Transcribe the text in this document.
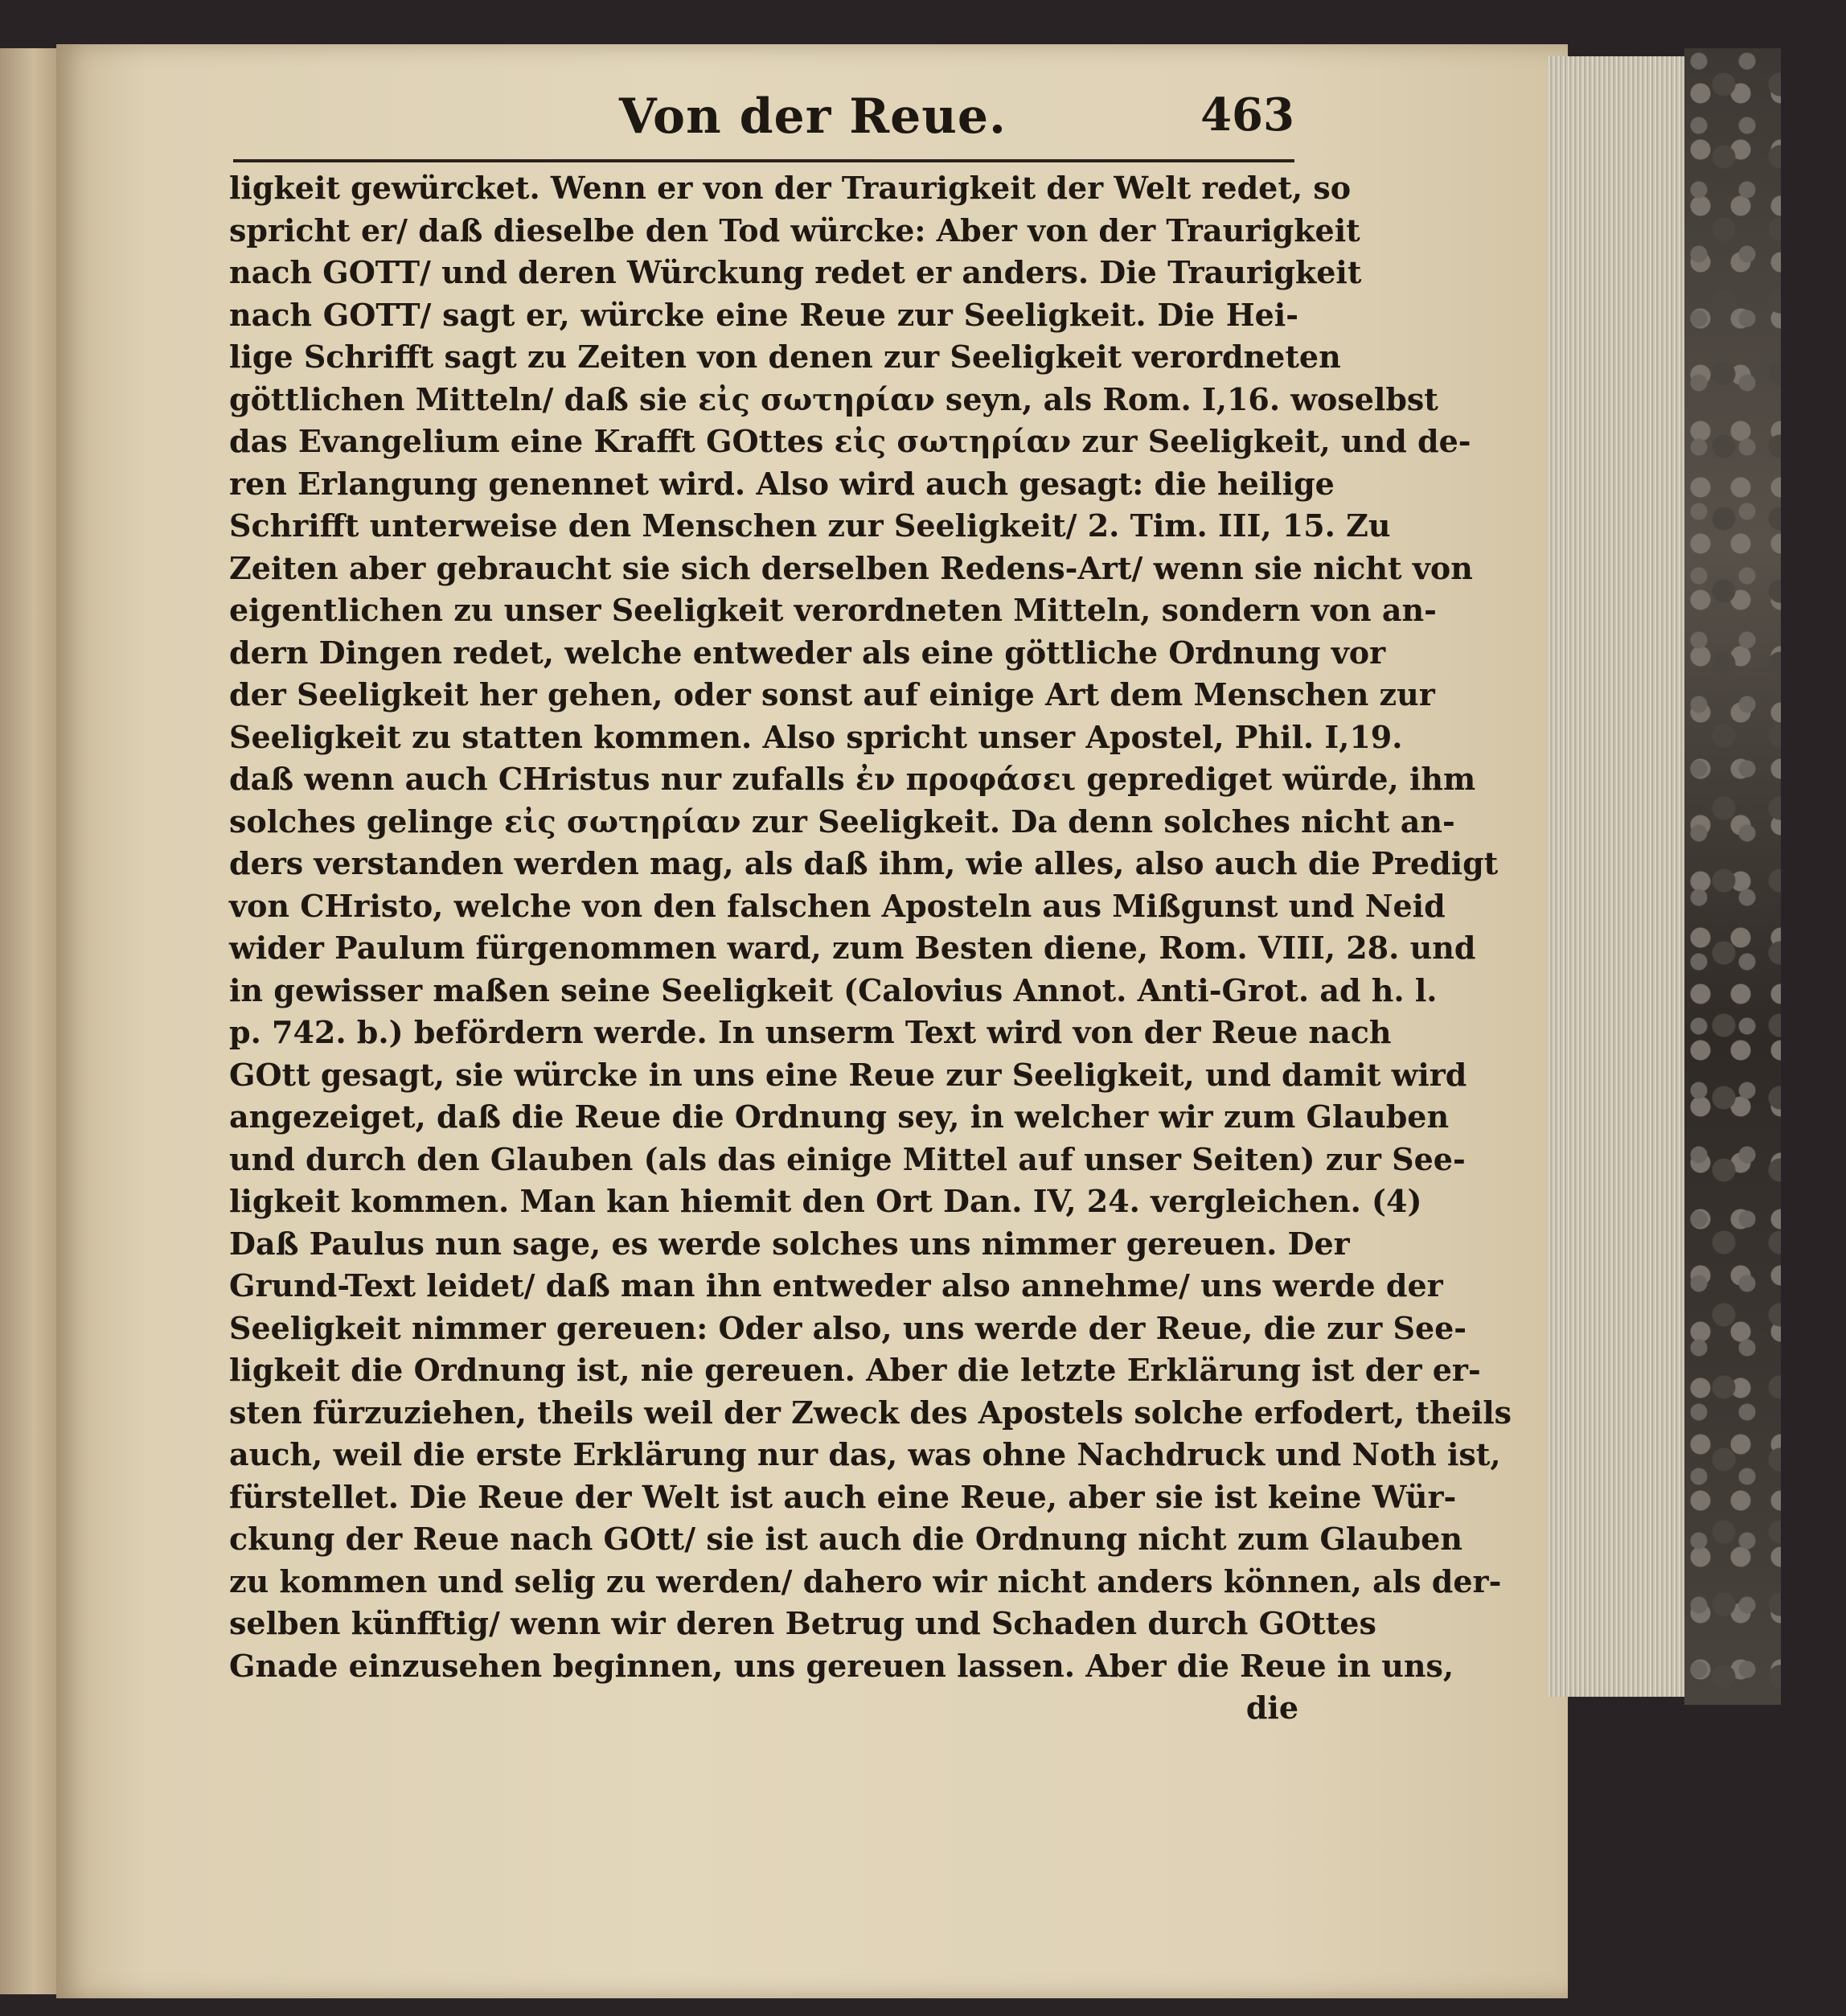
Von der Reue.	463
ligkeit gewürcket. Wenn er von der Traurigkeit der Welt redet, so
spricht er/ daß dieselbe den Tod würcke: Aber von der Traurigkeit
nach GOTT/ und deren Würckung redet er anders. Die Traurigkeit
nach GOTT/ sagt er, würcke eine Reue zur Seeligkeit. Die Hei-
lige Schrifft sagt zu Zeiten von denen zur Seeligkeit verordneten
göttlichen Mitteln/ daß sie εἰς σωτηρίαν seyn, als Rom. I,16. woselbst
das Evangelium eine Krafft GOttes εἰς σωτηρίαν zur Seeligkeit, und de-
ren Erlangung genennet wird. Also wird auch gesagt: die heilige
Schrifft unterweise den Menschen zur Seeligkeit/ 2. Tim. III, 15. Zu
Zeiten aber gebraucht sie sich derselben Redens-Art/ wenn sie nicht von
eigentlichen zu unser Seeligkeit verordneten Mitteln, sondern von an-
dern Dingen redet, welche entweder als eine göttliche Ordnung vor
der Seeligkeit her gehen, oder sonst auf einige Art dem Menschen zur
Seeligkeit zu statten kommen. Also spricht unser Apostel, Phil. I,19.
daß wenn auch CHristus nur zufalls ἐν προφάσει geprediget würde, ihm
solches gelinge εἰς σωτηρίαν zur Seeligkeit. Da denn solches nicht an-
ders verstanden werden mag, als daß ihm, wie alles, also auch die Predigt
von CHristo, welche von den falschen Aposteln aus Mißgunst und Neid
wider Paulum fürgenommen ward, zum Besten diene, Rom. VIII, 28. und
in gewisser maßen seine Seeligkeit (Calovius Annot. Anti-Grot. ad h. l.
p. 742. b.) befördern werde. In unserm Text wird von der Reue nach
GOtt gesagt, sie würcke in uns eine Reue zur Seeligkeit, und damit wird
angezeiget, daß die Reue die Ordnung sey, in welcher wir zum Glauben
und durch den Glauben (als das einige Mittel auf unser Seiten) zur See-
ligkeit kommen. Man kan hiemit den Ort Dan. IV, 24. vergleichen. (4)
Daß Paulus nun sage, es werde solches uns nimmer gereuen. Der
Grund-Text leidet/ daß man ihn entweder also annehme/ uns werde der
Seeligkeit nimmer gereuen: Oder also, uns werde der Reue, die zur See-
ligkeit die Ordnung ist, nie gereuen. Aber die letzte Erklärung ist der er-
sten fürzuziehen, theils weil der Zweck des Apostels solche erfodert, theils
auch, weil die erste Erklärung nur das, was ohne Nachdruck und Noth ist,
fürstellet. Die Reue der Welt ist auch eine Reue, aber sie ist keine Wür-
ckung der Reue nach GOtt/ sie ist auch die Ordnung nicht zum Glauben
zu kommen und selig zu werden/ dahero wir nicht anders können, als der-
selben künfftig/ wenn wir deren Betrug und Schaden durch GOttes
Gnade einzusehen beginnen, uns gereuen lassen. Aber die Reue in uns,
die
